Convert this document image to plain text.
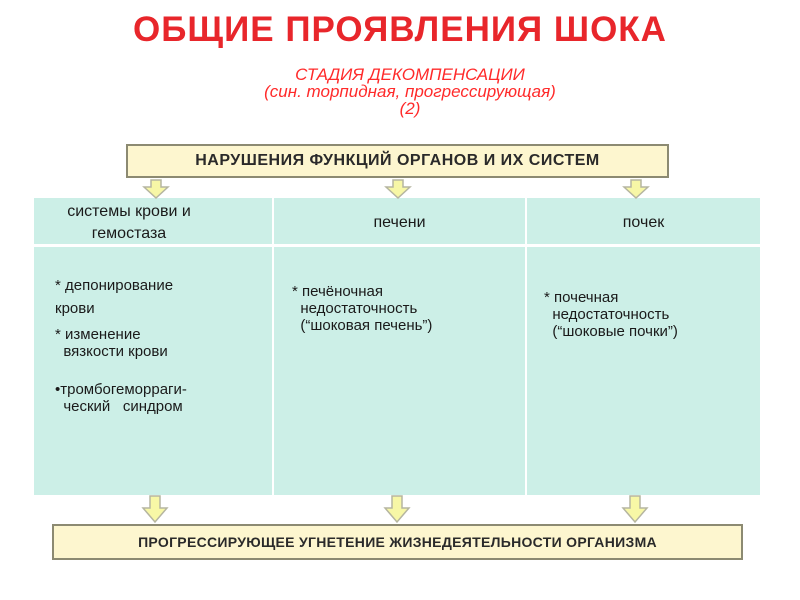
ОБЩИЕ ПРОЯВЛЕНИЯ ШОКА
СТАДИЯ ДЕКОМПЕНСАЦИИ
(син. торпидная, прогрессирующая)
(2)
НАРУШЕНИЯ ФУНКЦИЙ ОРГАНОВ И ИХ СИСТЕМ
системы крови и
гемостаза
печени	почек
* депонирование
крови
* изменение
вязкости крови
•тромбогеморраги-
ческий   синдром
* печёночная
недостаточность
(“шоковая печень”)
* почечная
недостаточность
(“шоковые почки”)
ПРОГРЕССИРУЮЩЕЕ УГНЕТЕНИЕ ЖИЗНЕДЕЯТЕЛЬНОСТИ ОРГАНИЗМА
